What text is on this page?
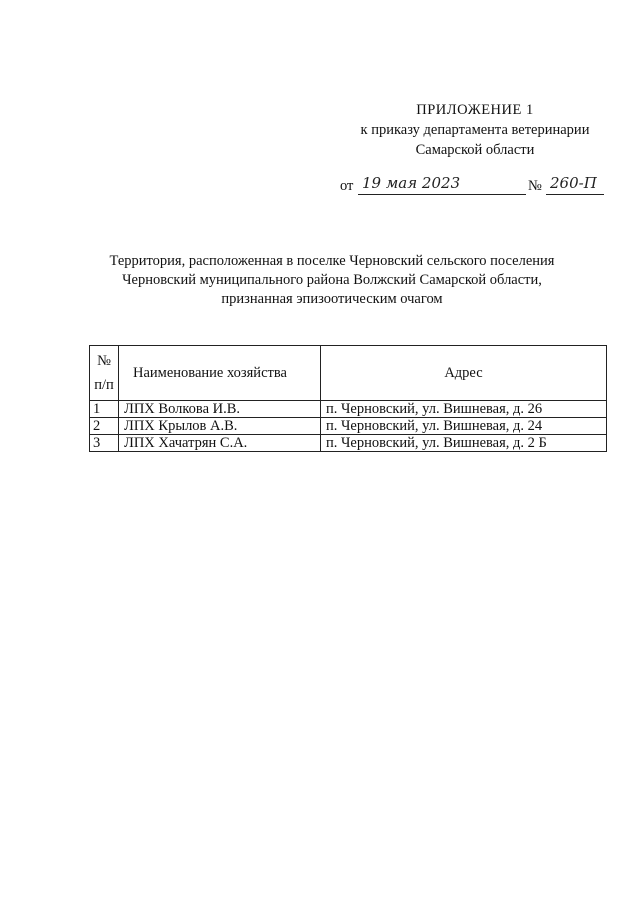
ПРИЛОЖЕНИЕ 1
к приказу департамента ветеринарии
Самарской области
от 19 мая 2023	№ 260-П
Территория, расположенная в поселке Черновский сельского поселения
Черновский муниципального района Волжский Самарской области,
признанная эпизоотическим очагом
№
п/п	Наименование хозяйства	Адрес
1	ЛПХ Волкова И.В.	п. Черновский, ул. Вишневая, д. 26
2	ЛПХ Крылов А.В.	п. Черновский, ул. Вишневая, д. 24
3	ЛПХ Хачатрян С.А.	п. Черновский, ул. Вишневая, д. 2 Б
